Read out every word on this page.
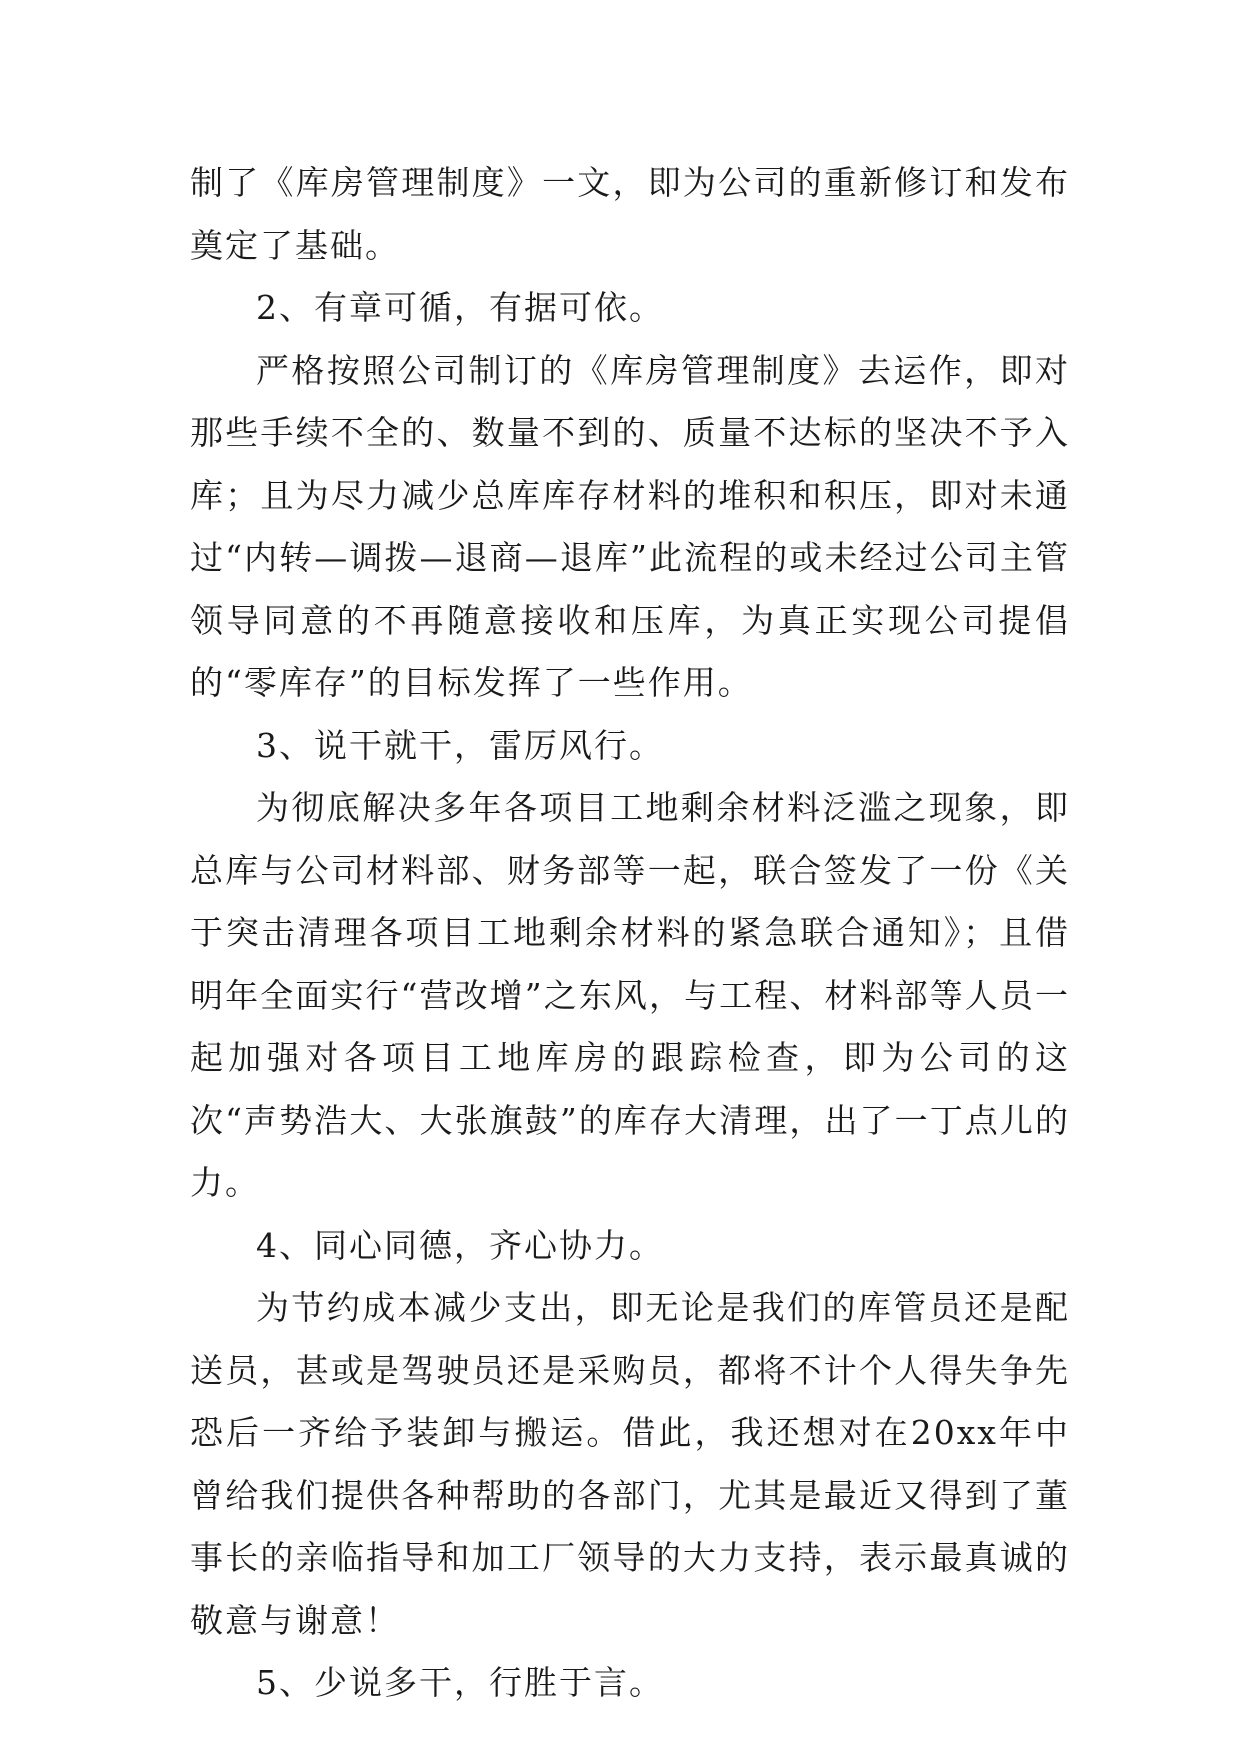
制了《库房管理制度》一文，即为公司的重新修订和发布奠定了基础。

2、有章可循，有据可依。

严格按照公司制订的《库房管理制度》去运作，即对那些手续不全的、数量不到的、质量不达标的坚决不予入库；且为尽力减少总库库存材料的堆积和积压，即对未通过“内转—调拨—退商—退库”此流程的或未经过公司主管领导同意的不再随意接收和压库，为真正实现公司提倡的“零库存”的目标发挥了一些作用。

3、说干就干，雷厉风行。

为彻底解决多年各项目工地剩余材料泛滥之现象，即总库与公司材料部、财务部等一起，联合签发了一份《关于突击清理各项目工地剩余材料的紧急联合通知》；且借明年全面实行“营改增”之东风，与工程、材料部等人员一起加强对各项目工地库房的跟踪检查，即为公司的这次“声势浩大、大张旗鼓”的库存大清理，出了一丁点儿的力。

4、同心同德，齐心协力。

为节约成本减少支出，即无论是我们的库管员还是配送员，甚或是驾驶员还是采购员，都将不计个人得失争先恐后一齐给予装卸与搬运。借此，我还想对在20xx年中曾给我们提供各种帮助的各部门，尤其是最近又得到了董事长的亲临指导和加工厂领导的大力支持，表示最真诚的敬意与谢意！

5、少说多干，行胜于言。
